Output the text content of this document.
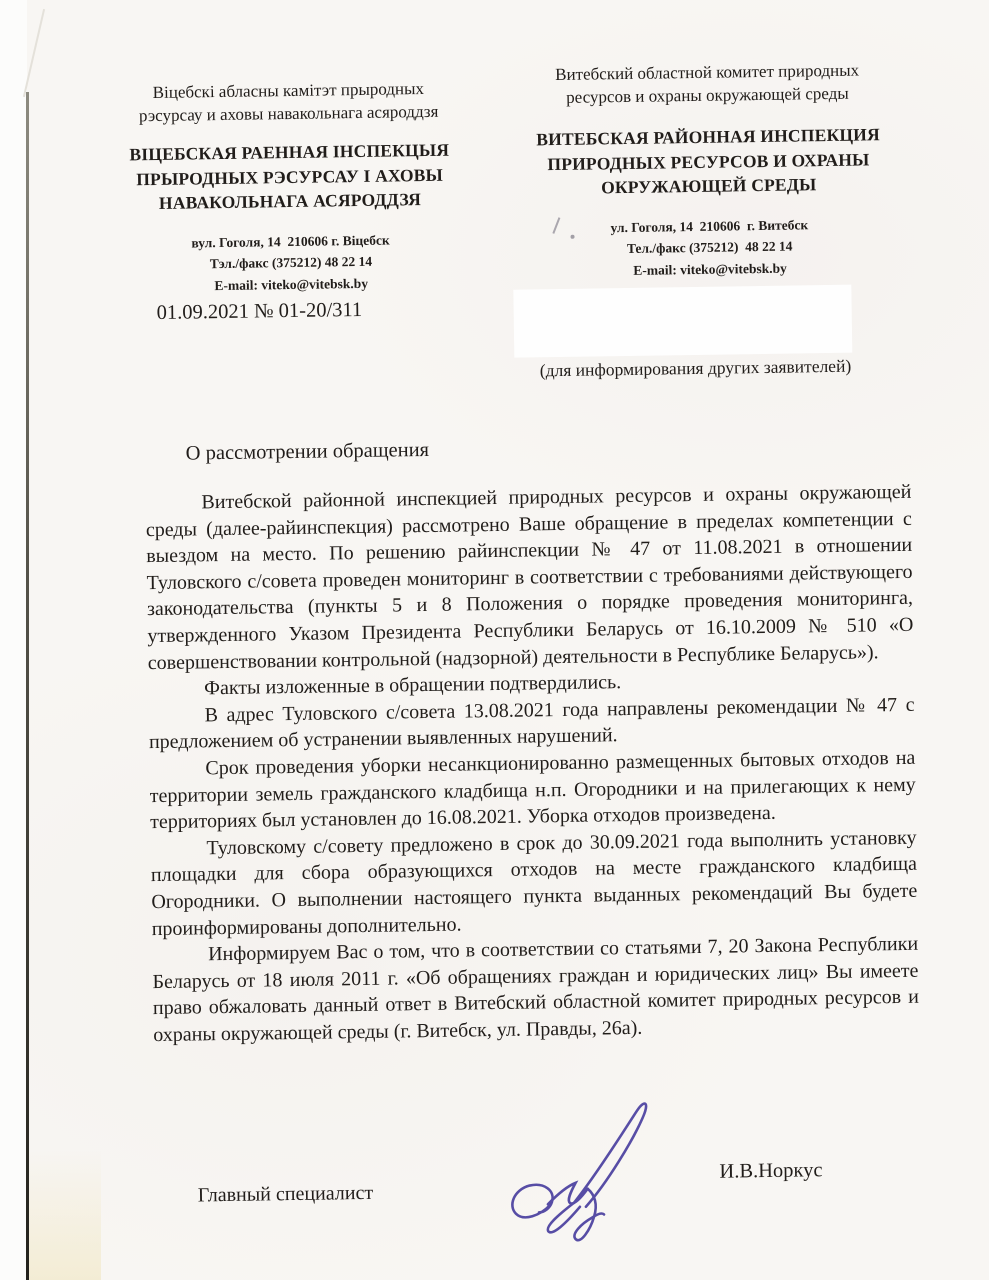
Віцебскі абласны камітэт прыродных
рэсурсау и аховы навакольнага асяроддзя
ВІЦЕБСКАЯ РАЕННАЯ ІНСПЕКЦЫЯ
ПРЫРОДНЫХ РЭСУРСАУ І АХОВЫ
НАВАКОЛЬНАГА АСЯРОДДЗЯ
вул. Гоголя, 14  210606 г. Віцебск
Тэл./факс (375212) 48 22 14
E-mail: viteko@vitebsk.by
Витебский областной комитет природных
ресурсов и охраны окружающей среды
ВИТЕБСКАЯ РАЙОННАЯ ИНСПЕКЦИЯ
ПРИРОДНЫХ РЕСУРСОВ И ОХРАНЫ
ОКРУЖАЮЩЕЙ СРЕДЫ
ул. Гоголя, 14  210606  г. Витебск
Тел./факс (375212)  48 22 14
E-mail: viteko@vitebsk.by
01.09.2021 № 01-20/311
(для информирования других заявителей)
О рассмотрении обращения

Витебской районной инспекцией природных ресурсов и охраны окружающей среды (далее-райинспекция) рассмотрено Ваше обращение в пределах компетенции с выездом на место. По решению райинспекции № 47 от 11.08.2021 в отношении Туловского с/совета проведен мониторинг в соответствии с требованиями действующего законодательства (пункты 5 и 8 Положения о порядке проведения мониторинга, утвержденного Указом Президента Республики Беларусь от 16.10.2009 № 510 «О совершенствовании контрольной (надзорной) деятельности в Республике Беларусь»).

Факты изложенные в обращении подтвердились.

В адрес Туловского с/совета 13.08.2021 года направлены рекомендации № 47 с предложением об устранении выявленных нарушений.

Срок проведения уборки несанкционированно размещенных бытовых отходов на территории земель гражданского кладбища н.п. Огородники и на прилегающих к нему территориях был установлен до 16.08.2021. Уборка отходов произведена.

Туловскому с/совету предложено в срок до 30.09.2021 года выполнить установку площадки для сбора образующихся отходов на месте гражданского кладбища Огородники. О выполнении настоящего пункта выданных рекомендаций Вы будете проинформированы дополнительно.

Информируем Вас о том, что в соответствии со статьями 7, 20 Закона Республики Беларусь от 18 июля 2011 г. «Об обращениях граждан и юридических лиц» Вы имеете право обжаловать данный ответ в Витебский областной комитет природных ресурсов и охраны окружающей среды (г. Витебск, ул. Правды, 26а).

Главный специалист
И.В.Норкус
